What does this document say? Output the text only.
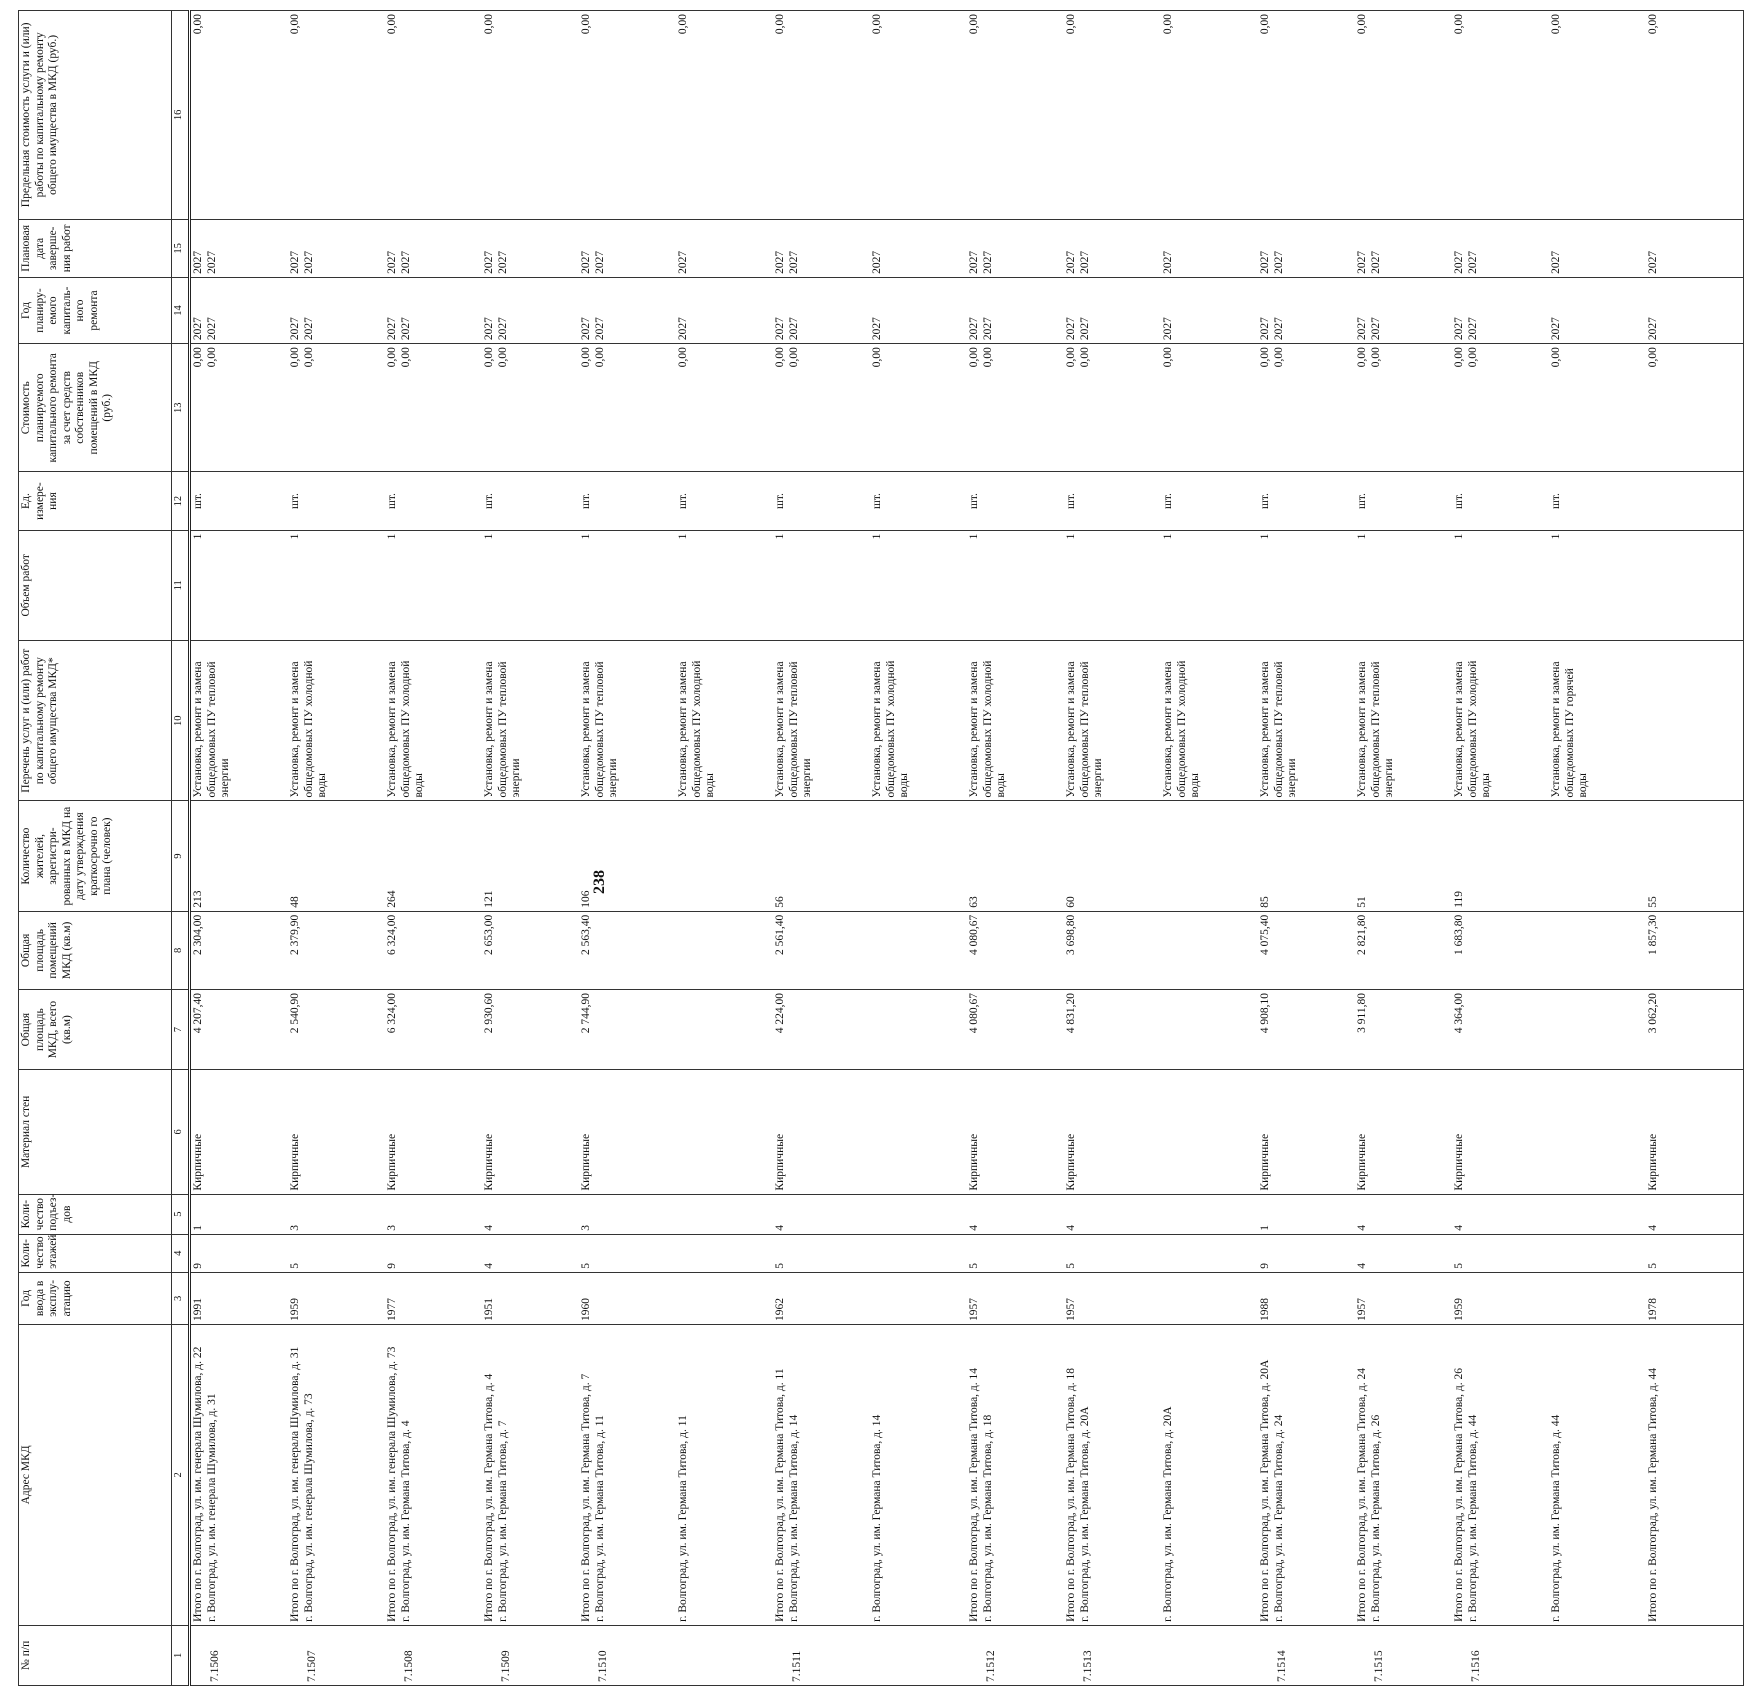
238
№ п/п	Адрес МКД	Год ввода в эксплу-атацию	Коли-чество этажей	Коли-чество подъез-дов	Материал стен	Общая площадь МКД, всего (кв.м)	Общая площадь помещений МКД (кв.м)	Количество жителей, зарегистри-рованных в МКД на дату утверждения краткосрочно го плана (человек)	Перечень услуг и (или) работ по капитальному ремонту общего имущества МКД*	Объем работ	Ед. измере-ния	Стоимость планируемого капитального ремонта за счет средств собственников помещений в МКД (руб.)	Год планиру-емого капиталь-ного ремонта	Плановая дата заверше-ния работ	Предельная стоимость услуги и (или) работы по капитальному ремонту общего имущества в МКД (руб.)
1	2	3	4	5	6	7	8	9	10	11	12	13	14	15	16
7.1506	Итого по г. Волгоград, ул. им. генерала Шумилова, д. 22 г. Волгоград, ул. им. генерала Шумилова, д. 31	1991	9	1	Кирпичные	4 207,40	2 304,00	213	Установка, ремонт и замена общедомовых ПУ тепловой энергии	1	шт.	0,00 0,00	2027 2027	2027 2027	0,00
7.1507	Итого по г. Волгоград, ул. им. генерала Шумилова, д. 31 г. Волгоград, ул. им. генерала Шумилова, д. 73	1959	5	3	Кирпичные	2 540,90	2 379,90	48	Установка, ремонт и замена общедомовых ПУ холодной воды	1	шт.	0,00 0,00	2027 2027	2027 2027	0,00
7.1508	Итого по г. Волгоград, ул. им. генерала Шумилова, д. 73 г. Волгоград, ул. им. Германа Титова, д. 4	1977	9	3	Кирпичные	6 324,00	6 324,00	264	Установка, ремонт и замена общедомовых ПУ холодной воды	1	шт.	0,00 0,00	2027 2027	2027 2027	0,00
7.1509	Итого по г. Волгоград, ул. им. Германа Титова, д. 4 г. Волгоград, ул. им. Германа Титова, д. 7	1951	4	4	Кирпичные	2 930,60	2 653,00	121	Установка, ремонт и замена общедомовых ПУ тепловой энергии	1	шт.	0,00 0,00	2027 2027	2027 2027	0,00
7.1510	Итого по г. Волгоград, ул. им. Германа Титова, д. 7 г. Волгоград, ул. им. Германа Титова, д. 11	1960	5	3	Кирпичные	2 744,90	2 563,40	106	Установка, ремонт и замена общедомовых ПУ тепловой энергии	1	шт.	0,00 0,00	2027 2027	2027 2027	0,00

	г. Волгоград, ул. им. Германа Титова, д. 11								Установка, ремонт и замена общедомовых ПУ холодной воды	1	шт.	0,00	2027	2027	0,00
7.1511	Итого по г. Волгоград, ул. им. Германа Титова, д. 11 г. Волгоград, ул. им. Германа Титова, д. 14	1962	5	4	Кирпичные	4 224,00	2 561,40	56	Установка, ремонт и замена общедомовых ПУ тепловой энергии	1	шт.	0,00 0,00	2027 2027	2027 2027	0,00

	г. Волгоград, ул. им. Германа Титова, д. 14								Установка, ремонт и замена общедомовых ПУ холодной воды	1	шт.	0,00	2027	2027	0,00
7.1512	Итого по г. Волгоград, ул. им. Германа Титова, д. 14 г. Волгоград, ул. им. Германа Титова, д. 18	1957	5	4	Кирпичные	4 080,67	4 080,67	63	Установка, ремонт и замена общедомовых ПУ холодной воды	1	шт.	0,00 0,00	2027 2027	2027 2027	0,00
7.1513	Итого по г. Волгоград, ул. им. Германа Титова, д. 18 г. Волгоград, ул. им. Германа Титова, д. 20А	1957	5	4	Кирпичные	4 831,20	3 698,80	60	Установка, ремонт и замена общедомовых ПУ тепловой энергии	1	шт.	0,00 0,00	2027 2027	2027 2027	0,00

	г. Волгоград, ул. им. Германа Титова, д. 20А								Установка, ремонт и замена общедомовых ПУ холодной воды	1	шт.	0,00	2027	2027	0,00
7.1514	Итого по г. Волгоград, ул. им. Германа Титова, д. 20А г. Волгоград, ул. им. Германа Титова, д. 24	1988	9	1	Кирпичные	4 908,10	4 075,40	85	Установка, ремонт и замена общедомовых ПУ тепловой энергии	1	шт.	0,00 0,00	2027 2027	2027 2027	0,00
7.1515	Итого по г. Волгоград, ул. им. Германа Титова, д. 24 г. Волгоград, ул. им. Германа Титова, д. 26	1957	4	4	Кирпичные	3 911,80	2 821,80	51	Установка, ремонт и замена общедомовых ПУ тепловой энергии	1	шт.	0,00 0,00	2027 2027	2027 2027	0,00
7.1516	Итого по г. Волгоград, ул. им. Германа Титова, д. 26 г. Волгоград, ул. им. Германа Титова, д. 44	1959	5	4	Кирпичные	4 364,00	1 683,80	119	Установка, ремонт и замена общедомовых ПУ холодной воды	1	шт.	0,00 0,00	2027 2027	2027 2027	0,00

	г. Волгоград, ул. им. Германа Титова, д. 44								Установка, ремонт и замена общедомовых ПУ горячей воды	1	шт.	0,00	2027	2027	0,00

	Итого по г. Волгоград, ул. им. Германа Титова, д. 44	1978	5	4	Кирпичные	3 062,20	1 857,30	55				0,00	2027	2027	0,00
